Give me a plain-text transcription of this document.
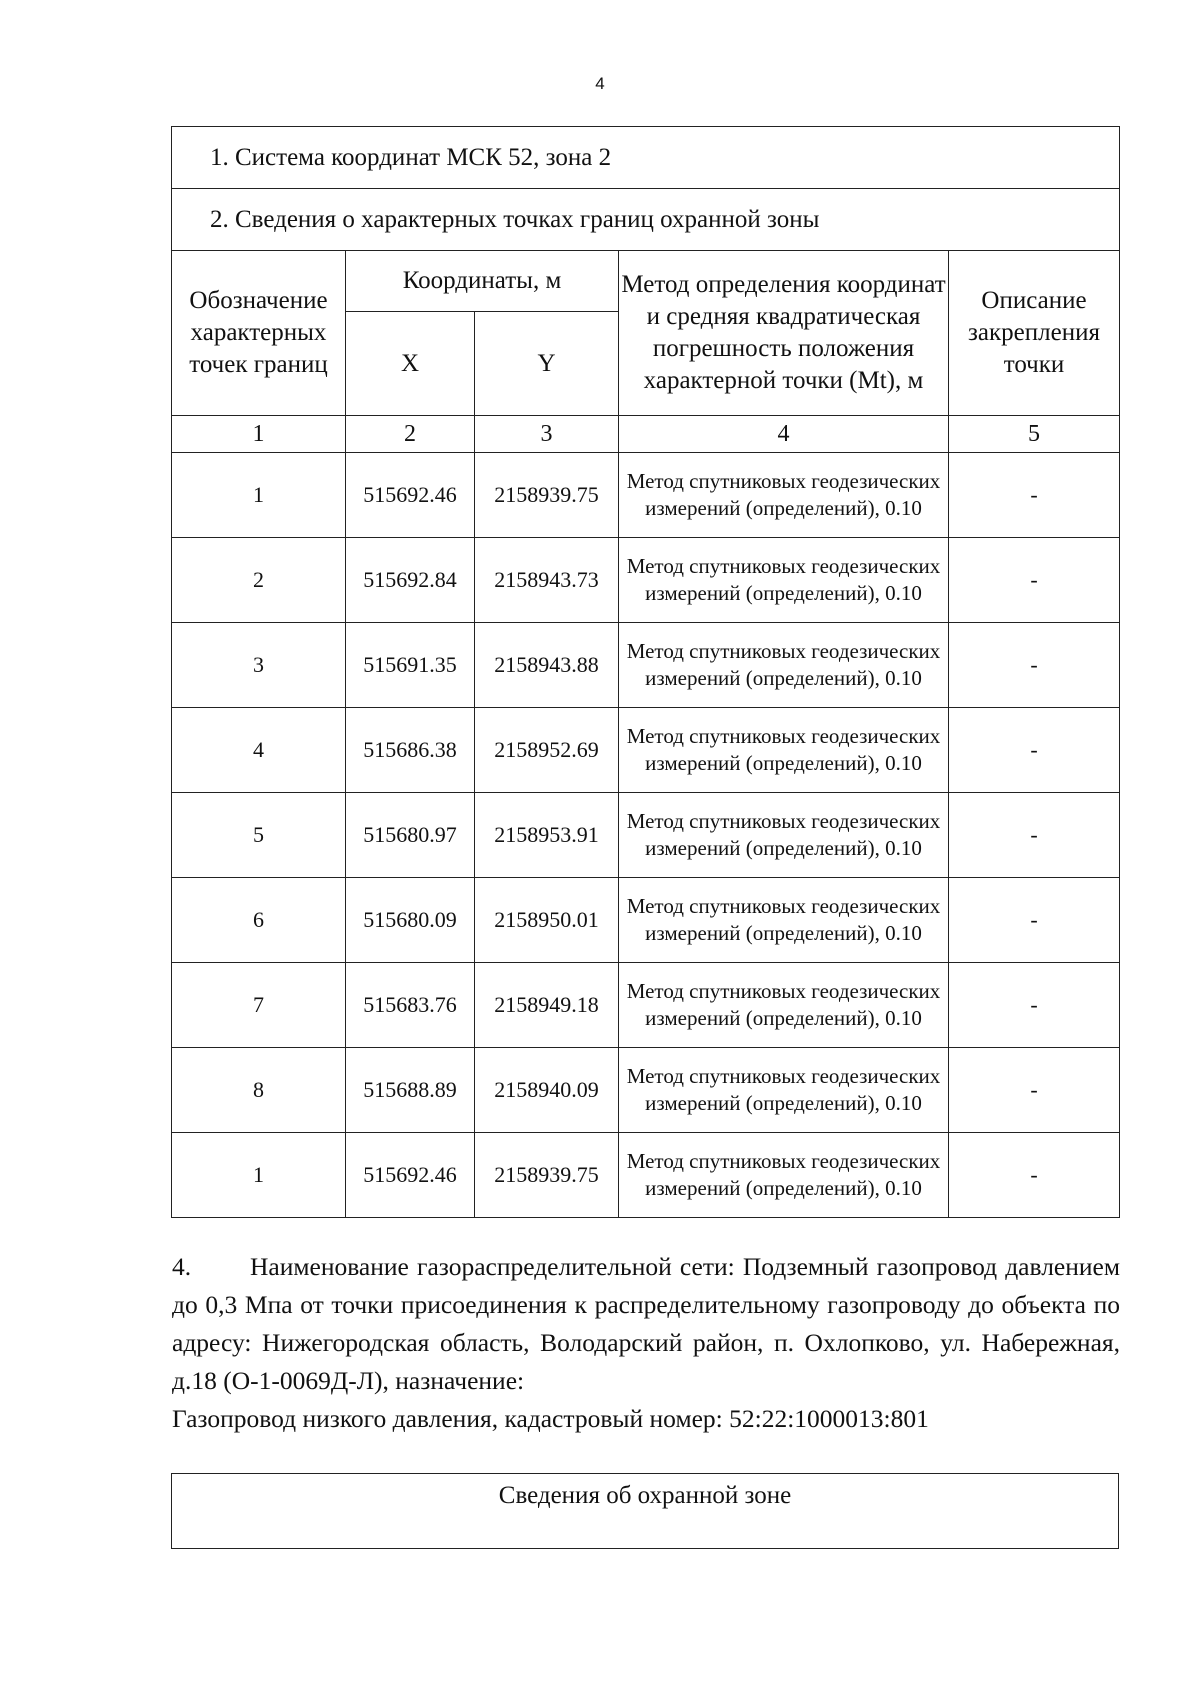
4
1. Система координат МСК 52, зона 2				
2. Сведения о характерных точках границ охранной зоны				
Обозначение характерных точек границ	Координаты, м		Метод определения координат и средняя квадратическая погрешность положения характерной точки (Mt), м	Описание закрепления точки
	X	Y		
1	2	3	4	5
1	515692.46	2158939.75	Метод спутниковых геодезических измерений (определений), 0.10	-
2	515692.84	2158943.73	Метод спутниковых геодезических измерений (определений), 0.10	-
3	515691.35	2158943.88	Метод спутниковых геодезических измерений (определений), 0.10	-
4	515686.38	2158952.69	Метод спутниковых геодезических измерений (определений), 0.10	-
5	515680.97	2158953.91	Метод спутниковых геодезических измерений (определений), 0.10	-
6	515680.09	2158950.01	Метод спутниковых геодезических измерений (определений), 0.10	-
7	515683.76	2158949.18	Метод спутниковых геодезических измерений (определений), 0.10	-
8	515688.89	2158940.09	Метод спутниковых геодезических измерений (определений), 0.10	-
1	515692.46	2158939.75	Метод спутниковых геодезических измерений (определений), 0.10	-
4. Наименование газораспределительной сети: Подземный газопровод давлением до 0,3 Мпа от точки присоединения к распределительному газопроводу до объекта по адресу: Нижегородская область, Володарский район, п. Охлопково, ул. Набережная, д.18 (О-1-0069Д-Л), назначение:
Газопровод низкого давления, кадастровый номер: 52:22:1000013:801
Сведения об охранной зоне
